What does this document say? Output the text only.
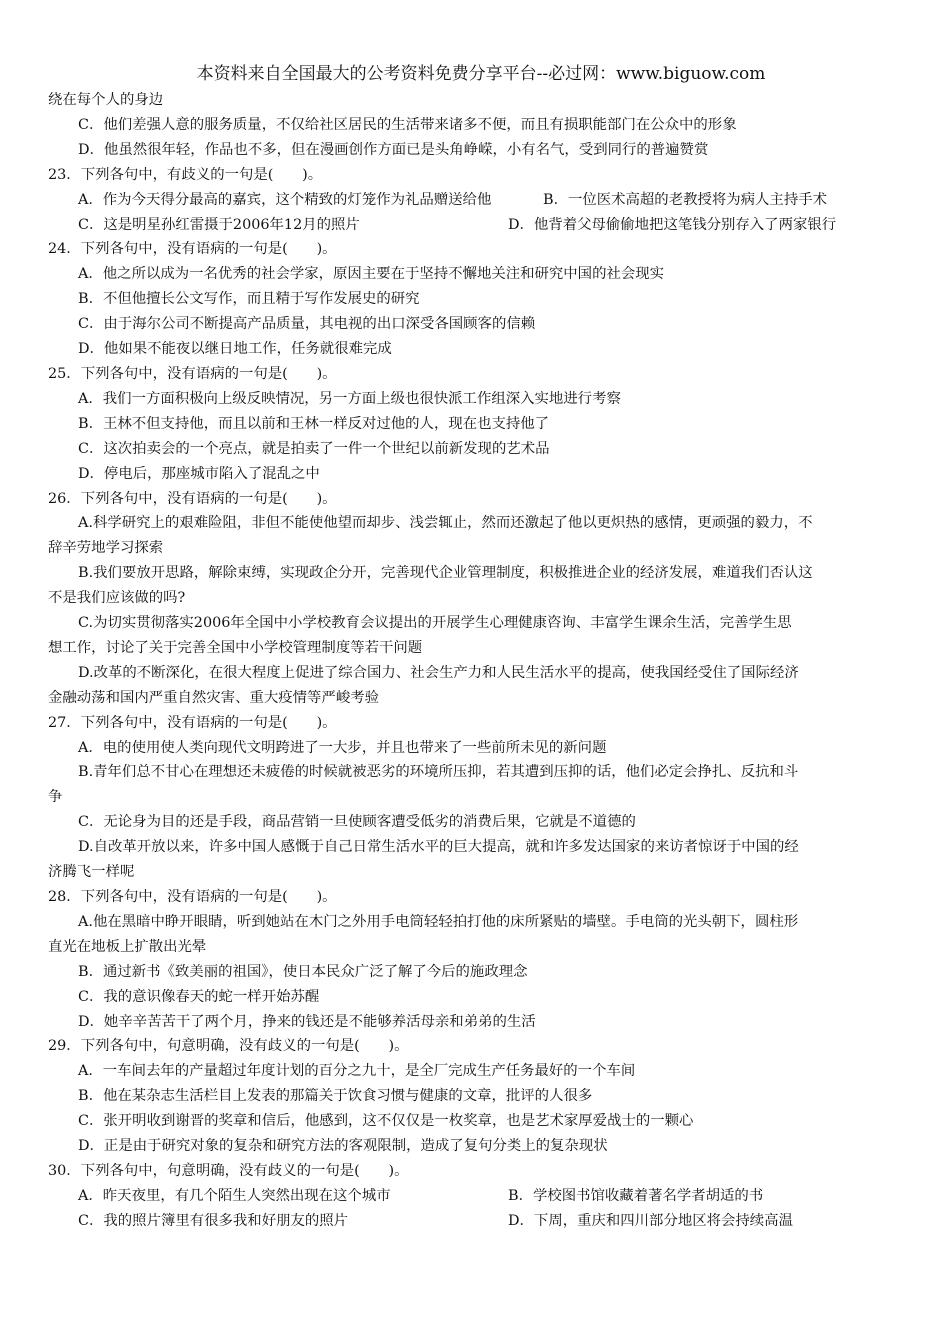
本资料来自全国最大的公考资料免费分享平台--必过网：www.biguow.com
绕在每个人的身边
C．他们差强人意的服务质量，不仅给社区居民的生活带来诸多不便，而且有损职能部门在公众中的形象
D．他虽然很年轻，作品也不多，但在漫画创作方面已是头角峥嵘，小有名气，受到同行的普遍赞赏
23．下列各句中，有歧义的一句是(　　)。
A．作为今天得分最高的嘉宾，这个精致的灯笼作为礼品赠送给他	B．一位医术高超的老教授将为病人主持手术
C．这是明星孙红雷摄于2006年12月的照片	D．他背着父母偷偷地把这笔钱分别存入了两家银行
24．下列各句中，没有语病的一句是(　　)。
A．他之所以成为一名优秀的社会学家，原因主要在于坚持不懈地关注和研究中国的社会现实
B．不但他擅长公文写作，而且精于写作发展史的研究
C．由于海尔公司不断提高产品质量，其电视的出口深受各国顾客的信赖
D．他如果不能夜以继日地工作，任务就很难完成
25．下列各句中，没有语病的一句是(　　)。
A．我们一方面积极向上级反映情况，另一方面上级也很快派工作组深入实地进行考察
B．王林不但支持他，而且以前和王林一样反对过他的人，现在也支持他了
C．这次拍卖会的一个亮点，就是拍卖了一件一个世纪以前新发现的艺术品
D．停电后，那座城市陷入了混乱之中
26．下列各句中，没有语病的一句是(　　)。
A.科学研究上的艰难险阻，非但不能使他望而却步、浅尝辄止，然而还激起了他以更炽热的感情，更顽强的毅力，不
辞辛劳地学习探索
B.我们要放开思路，解除束缚，实现政企分开，完善现代企业管理制度，积极推进企业的经济发展，难道我们否认这
不是我们应该做的吗?
C.为切实贯彻落实2006年全国中小学校教育会议提出的开展学生心理健康咨询、丰富学生课余生活，完善学生思
想工作，讨论了关于完善全国中小学校管理制度等若干问题
D.改革的不断深化，在很大程度上促进了综合国力、社会生产力和人民生活水平的提高，使我国经受住了国际经济
金融动荡和国内严重自然灾害、重大疫情等严峻考验
27．下列各句中，没有语病的一句是(　　)。
A．电的使用使人类向现代文明跨进了一大步，并且也带来了一些前所未见的新问题
B.青年们总不甘心在理想还未疲倦的时候就被恶劣的环境所压抑，若其遭到压抑的话，他们必定会挣扎、反抗和斗
争
C．无论身为目的还是手段，商品营销一旦使顾客遭受低劣的消费后果，它就是不道德的
D.自改革开放以来，许多中国人感慨于自己日常生活水平的巨大提高，就和许多发达国家的来访者惊讶于中国的经
济腾飞一样呢
28．下列各句中，没有语病的一句是(　　)。
A.他在黑暗中睁开眼睛，听到她站在木门之外用手电筒轻轻拍打他的床所紧贴的墙壁。手电筒的光头朝下，圆柱形
直光在地板上扩散出光晕
B．通过新书《致美丽的祖国》，使日本民众广泛了解了今后的施政理念
C．我的意识像春天的蛇一样开始苏醒
D．她辛辛苦苦干了两个月，挣来的钱还是不能够养活母亲和弟弟的生活
29．下列各句中，句意明确，没有歧义的一句是(　　)。
A．一车间去年的产量超过年度计划的百分之九十，是全厂完成生产任务最好的一个车间
B．他在某杂志生活栏目上发表的那篇关于饮食习惯与健康的文章，批评的人很多
C．张开明收到谢晋的奖章和信后，他感到，这不仅仅是一枚奖章，也是艺术家厚爱战士的一颗心
D．正是由于研究对象的复杂和研究方法的客观限制，造成了复句分类上的复杂现状
30．下列各句中，句意明确，没有歧义的一句是(　　)。
A．昨天夜里，有几个陌生人突然出现在这个城市	B．学校图书馆收藏着著名学者胡适的书
C．我的照片簿里有很多我和好朋友的照片	D．下周，重庆和四川部分地区将会持续高温
